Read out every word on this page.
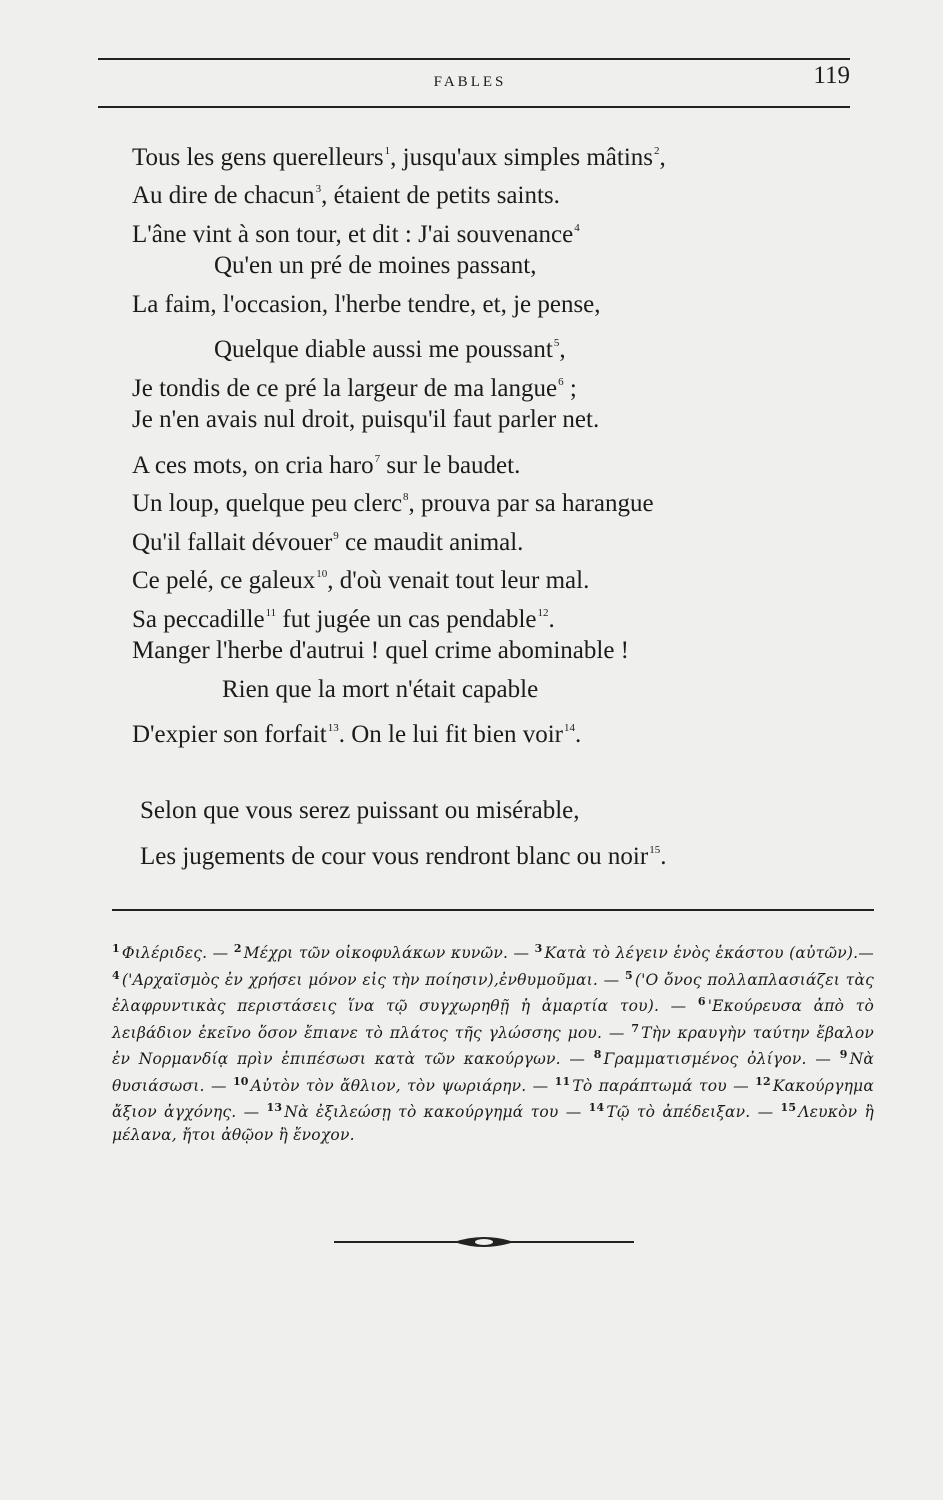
FABLES	119
Tous les gens querelleurs$^1$, jusqu'aux simples mâtins$^2$,
Au dire de chacun$^3$, étaient de petits saints.
L'âne vint à son tour, et dit : J'ai souvenance$^4$
Qu'en un pré de moines passant,
La faim, l'occasion, l'herbe tendre, et, je pense,
Quelque diable aussi me poussant$^5$,
Je tondis de ce pré la largeur de ma langue$^6$ ;
Je n'en avais nul droit, puisqu'il faut parler net.
A ces mots, on cria haro$^7$ sur le baudet.
Un loup, quelque peu clerc$^8$, prouva par sa harangue
Qu'il fallait dévouer$^9$ ce maudit animal.
Ce pelé, ce galeux$^{10}$, d'où venait tout leur mal.
Sa peccadille$^{11}$ fut jugée un cas pendable$^{12}$.
Manger l'herbe d'autrui ! quel crime abominable !
Rien que la mort n'était capable
D'expier son forfait$^{13}$. On le lui fit bien voir$^{14}$.
Selon que vous serez puissant ou misérable,
Les jugements de cour vous rendront blanc ou noir$^{15}$.
$^1$ Φιλέριδες. — $^2$ Μέχρι τῶν οἰκοφυλάκων κυνῶν. — $^3$ Κατὰ τὸ λέγειν ἑνὸς ἑκάστου (αὐτῶν).— $^4$ ('Αρχαϊσμὸς ἐν χρήσει μόνον εἰς τὴν ποίησιν),ἐνθυμοῦμαι. — $^5$ ('Ο ὄνος πολλαπλασιάζει τὰς ἐλαφρυντικὰς περιστάσεις ἵνα τῷ συγχωρηθῇ ἡ ἁμαρτία του). — $^6$ 'Εκούρευσα ἀπὸ τὸ λειβάδιον ἐκεῖνο ὅσον ἔπιανε τὸ πλάτος τῆς γλώσσης μου. — $^7$ Τὴν κραυγὴν ταύτην ἔβαλον ἐν Νορμανδίᾳ πρὶν ἐπιπέσωσι κατὰ τῶν κακούργων. — $^8$ Γραμματισμένος ὀλίγον. — $^9$ Νὰ θυσιάσωσι. — $^{10}$ Αὐτὸν τὸν ἄθλιον, τὸν ψωριάρην. — $^{11}$ Τὸ παράπτωμά του — $^{12}$ Κακούργημα ἄξιον ἀγχόνης. — $^{13}$ Νὰ ἐξιλεώσῃ τὸ κακούργημά του — $^{14}$ Τῷ τὸ ἀπέδειξαν. — $^{15}$ Λευκὸν ἢ μέλανα, ἤτοι ἀθῷον ἢ ἔνοχον.
